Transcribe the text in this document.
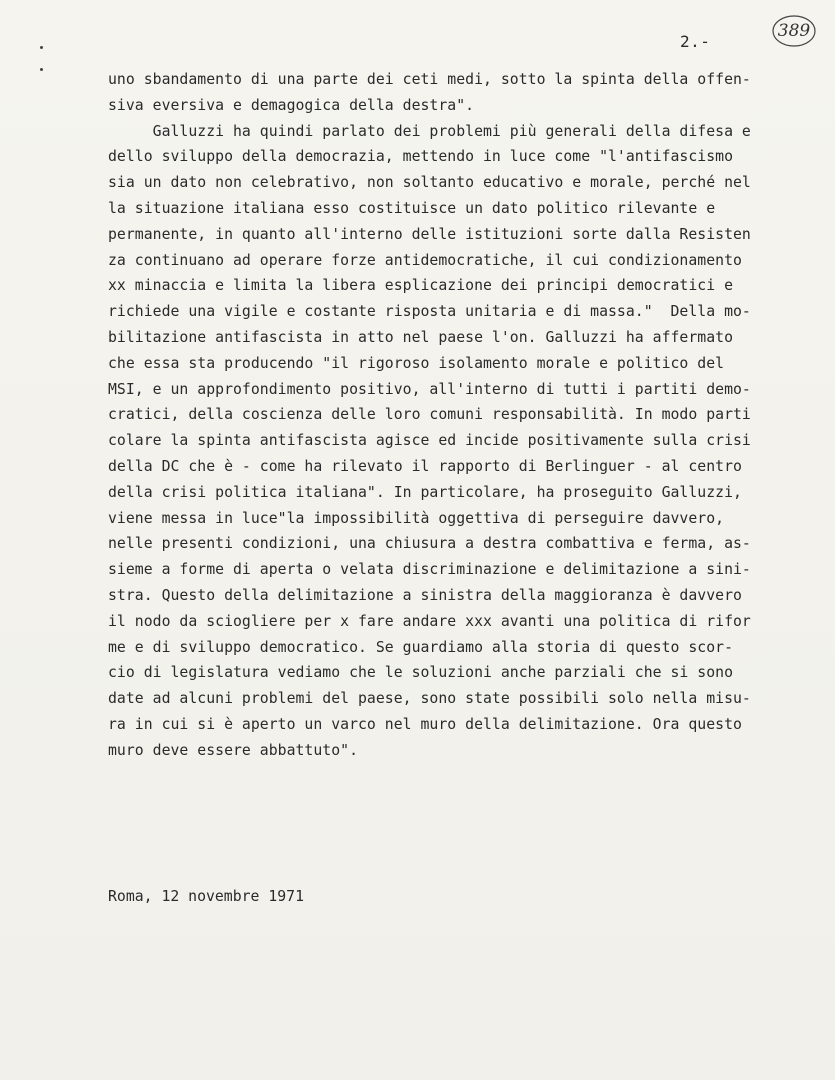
2.-
389
uno sbandamento di una parte dei ceti medi, sotto la spinta della offen-
siva eversiva e demagogica della destra".
Galluzzi ha quindi parlato dei problemi più generali della difesa e
dello sviluppo della democrazia, mettendo in luce come "l'antifascismo
sia un dato non celebrativo, non soltanto educativo e morale, perché nel
la situazione italiana esso costituisce un dato politico rilevante e
permanente, in quanto all'interno delle istituzioni sorte dalla Resisten
za continuano ad operare forze antidemocratiche, il cui condizionamento
xx minaccia e limita la libera esplicazione dei principi democratici e
richiede una vigile e costante risposta unitaria e di massa."  Della mo-
bilitazione antifascista in atto nel paese l'on. Galluzzi ha affermato
che essa sta producendo "il rigoroso isolamento morale e politico del
MSI, e un approfondimento positivo, all'interno di tutti i partiti demo-
cratici, della coscienza delle loro comuni responsabilità. In modo parti
colare la spinta antifascista agisce ed incide positivamente sulla crisi
della DC che è - come ha rilevato il rapporto di Berlinguer - al centro
della crisi politica italiana". In particolare, ha proseguito Galluzzi,
viene messa in luce"la impossibilità oggettiva di perseguire davvero,
nelle presenti condizioni, una chiusura a destra combattiva e ferma, as-
sieme a forme di aperta o velata discriminazione e delimitazione a sini-
stra. Questo della delimitazione a sinistra della maggioranza è davvero
il nodo da sciogliere per x fare andare xxx avanti una politica di rifor
me e di sviluppo democratico. Se guardiamo alla storia di questo scor-
cio di legislatura vediamo che le soluzioni anche parziali che si sono
date ad alcuni problemi del paese, sono state possibili solo nella misu-
ra in cui si è aperto un varco nel muro della delimitazione. Ora questo
muro deve essere abbattuto".
Roma, 12 novembre 1971
